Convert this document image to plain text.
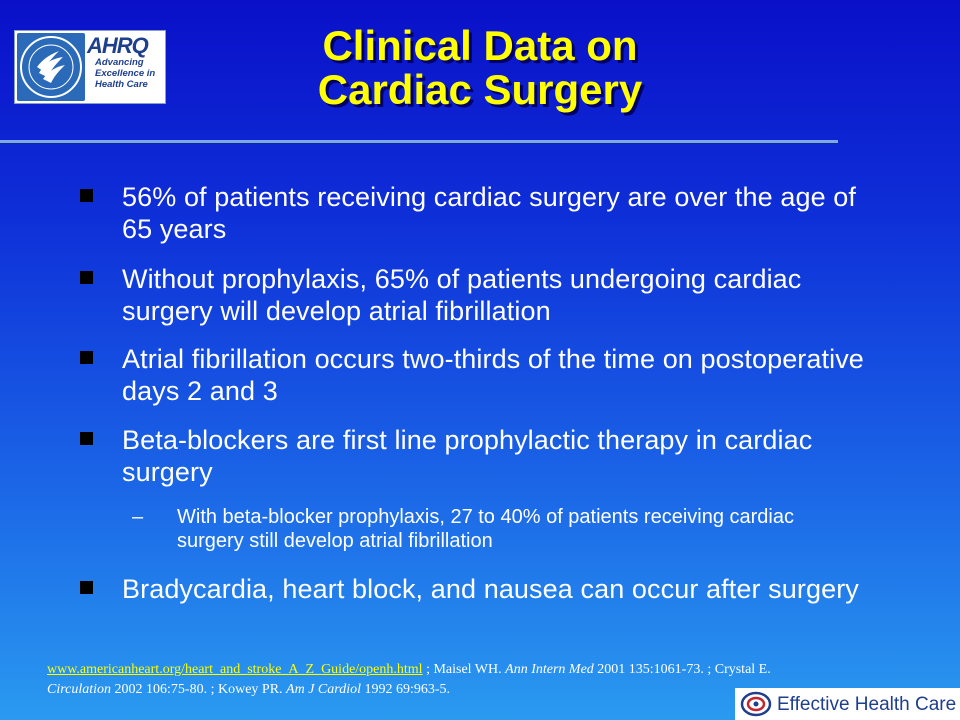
AHRQ
Advancing
Excellence in
Health Care
Clinical Data on
Cardiac Surgery
56% of patients receiving cardiac surgery are over the age of 65 years
Without prophylaxis, 65% of patients undergoing cardiac surgery will develop atrial fibrillation
Atrial fibrillation occurs two-thirds of the time on postoperative days 2 and 3
Beta-blockers are first line prophylactic therapy in cardiac surgery
– With beta-blocker prophylaxis, 27 to 40% of patients receiving cardiac surgery still develop atrial fibrillation
Bradycardia, heart block, and nausea can occur after surgery
www.americanheart.org/heart_and_stroke_A_Z_Guide/openh.html ; Maisel WH. Ann Intern Med 2001 135:1061-73. ; Crystal E.
Circulation 2002 106:75-80. ; Kowey PR. Am J Cardiol 1992 69:963-5.
Effective Health Care
